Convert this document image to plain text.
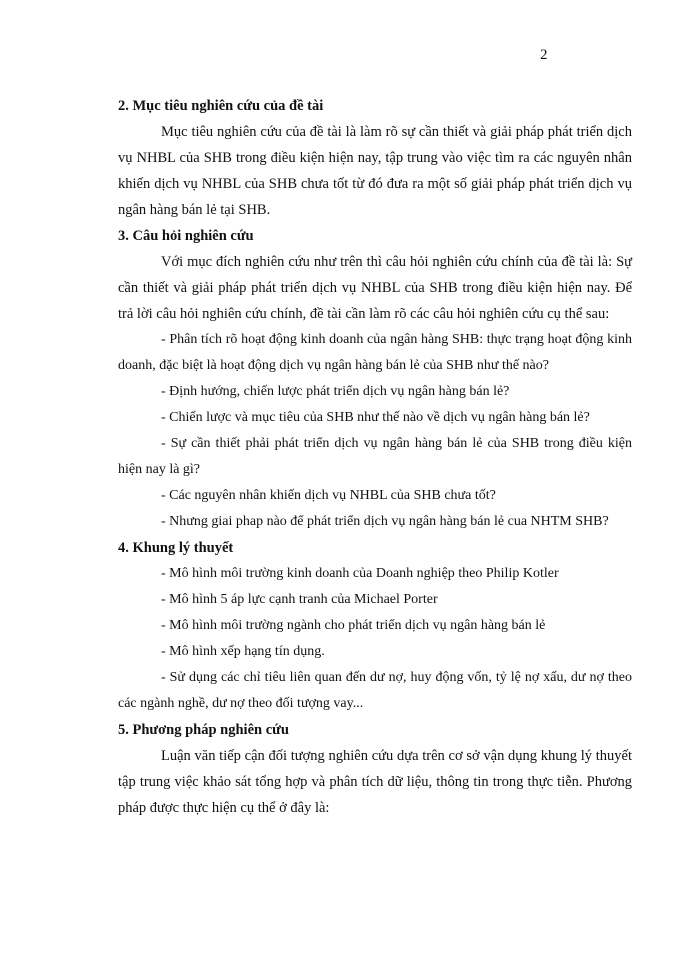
2

2. Mục tiêu nghiên cứu của đề tài

Mục tiêu nghiên cứu của đề tài là làm rõ sự cần thiết và giải pháp phát triển dịch vụ NHBL của SHB trong điều kiện hiện nay, tập trung vào việc tìm ra các nguyên nhân khiến dịch vụ NHBL của SHB chưa tốt từ đó đưa ra một số giải pháp phát triển dịch vụ ngân hàng bán lẻ tại SHB.

3. Câu hỏi nghiên cứu

Với mục đích nghiên cứu như trên thì câu hỏi nghiên cứu chính của đề tài là: Sự cần thiết và giải pháp phát triển dịch vụ NHBL của SHB trong điều kiện hiện nay. Để trả lời câu hỏi nghiên cứu chính, đề tài cần làm rõ các câu hỏi nghiên cứu cụ thể sau:

- Phân tích rõ hoạt động kinh doanh của ngân hàng SHB: thực trạng hoạt động kinh doanh, đặc biệt là hoạt động dịch vụ ngân hàng bán lẻ của SHB như thế nào?

- Định hướng, chiến lược phát triển dịch vụ ngân hàng bán lẻ?

- Chiến lược và mục tiêu của SHB như thế nào về dịch vụ ngân hàng bán lẻ?

- Sự cần thiết phải phát triển dịch vụ ngân hàng bán lẻ của SHB trong điều kiện hiện nay là gì?

- Các nguyên nhân khiến dịch vụ NHBL của SHB chưa tốt?

- Nhưng giai phap nào để phát triển dịch vụ ngân hàng bán lẻ cua NHTM SHB?

4. Khung lý thuyết

- Mô hình môi trường kinh doanh của Doanh nghiệp theo Philip Kotler

- Mô hình 5 áp lực cạnh tranh của Michael Porter

- Mô hình môi trường ngành cho phát triển dịch vụ ngân hàng bán lẻ

- Mô hình xếp hạng tín dụng.

- Sử dụng các chỉ tiêu liên quan đến dư nợ, huy động vốn, tỷ lệ nợ xấu, dư nợ theo các ngành nghề, dư nợ theo đối tượng vay...

5. Phương pháp nghiên cứu

Luận văn tiếp cận đối tượng nghiên cứu dựa trên cơ sở vận dụng khung lý thuyết tập trung việc khảo sát tổng hợp và phân tích dữ liệu, thông tin trong thực tiễn. Phương pháp được thực hiện cụ thể ở đây là:
